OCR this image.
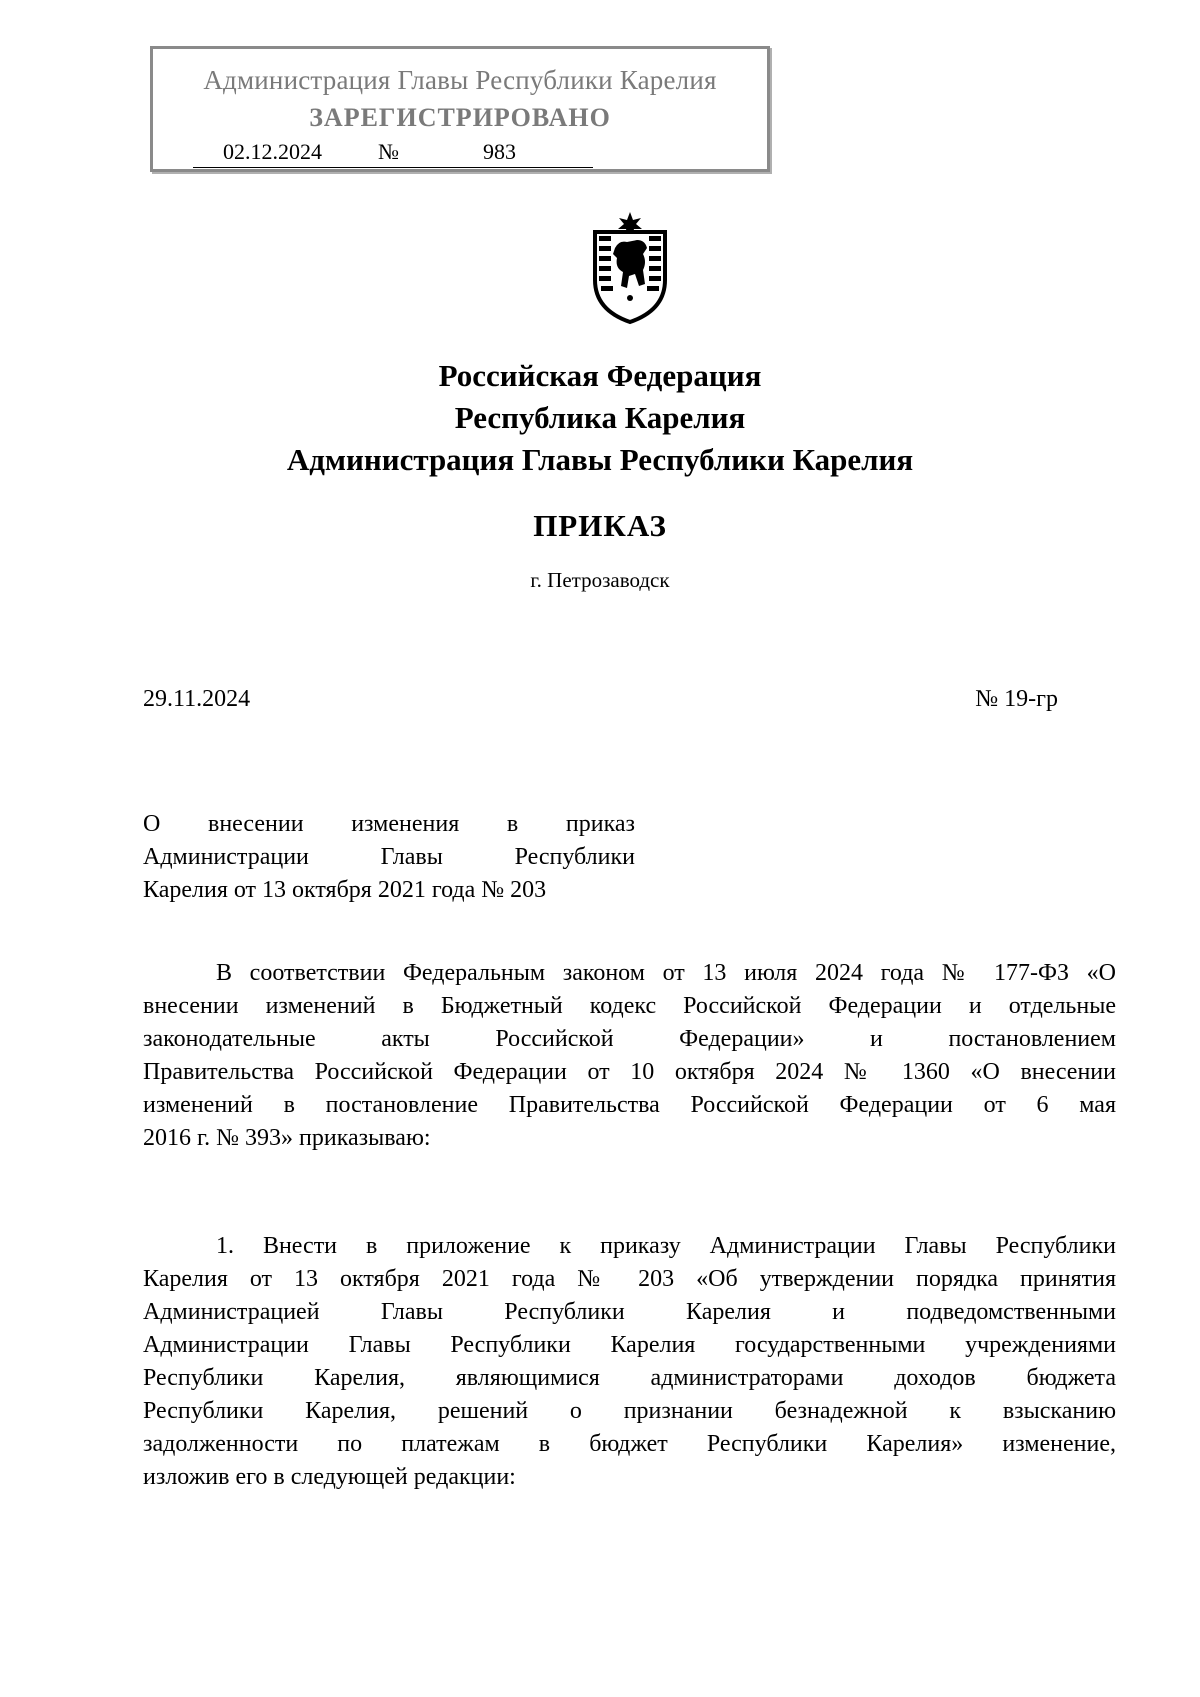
Администрация Главы Республики Карелия
ЗАРЕГИСТРИРОВАНО
02.12.2024	№	983
Российская Федерация
Республика Карелия
Администрация Главы Республики Карелия
ПРИКАЗ
г. Петрозаводск
29.11.2024	№ 19-гр
О внесении изменения в приказ
Администрации Главы Республики
Карелия от 13 октября 2021 года № 203
В соответствии Федеральным законом от 13 июля 2024 года № 177-ФЗ «О
внесении изменений в Бюджетный кодекс Российской Федерации и отдельные
законодательные акты Российской Федерации» и постановлением
Правительства Российской Федерации от 10 октября 2024 № 1360 «О внесении
изменений в постановление Правительства Российской Федерации от 6 мая
2016 г. № 393» приказываю:
1. Внести в приложение к приказу Администрации Главы Республики
Карелия от 13 октября 2021 года № 203 «Об утверждении порядка принятия
Администрацией Главы Республики Карелия и подведомственными
Администрации Главы Республики Карелия государственными учреждениями
Республики Карелия, являющимися администраторами доходов бюджета
Республики Карелия, решений о признании безнадежной к взысканию
задолженности по платежам в бюджет Республики Карелия» изменение,
изложив его в следующей редакции:
